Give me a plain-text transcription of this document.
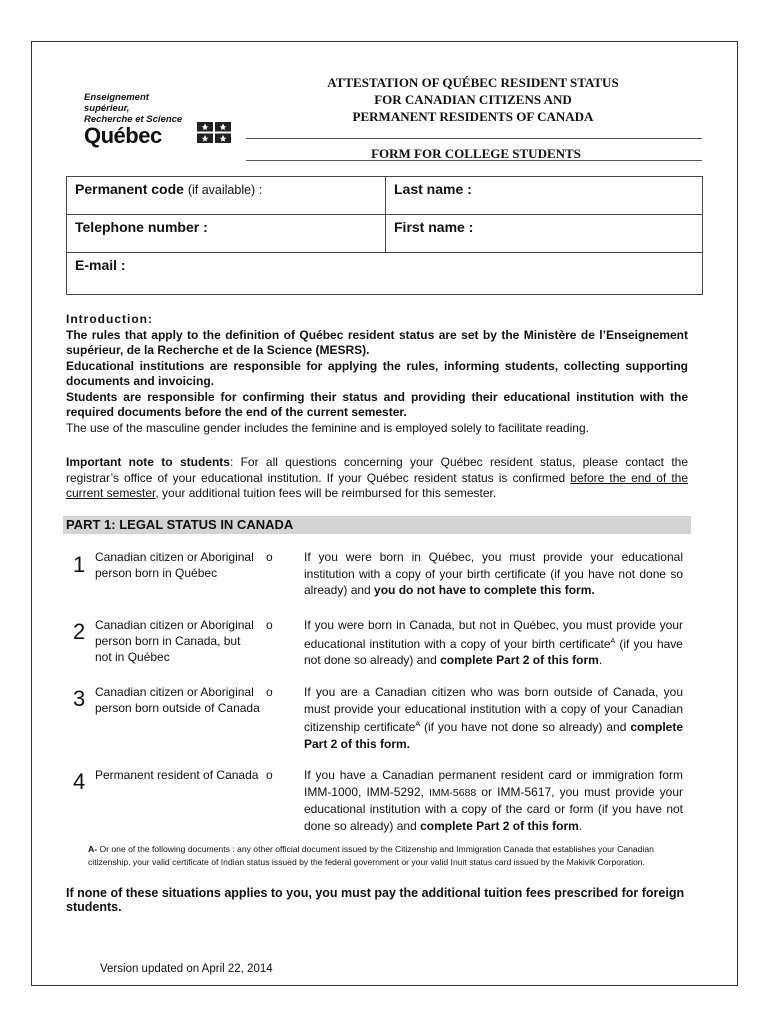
Enseignement
supérieur,
Recherche et Science
Québec
ATTESTATION OF QUÉBEC RESIDENT STATUS
FOR CANADIAN CITIZENS AND
PERMANENT RESIDENTS OF CANADA
FORM FOR COLLEGE STUDENTS
Permanent code (if available) :	Last name :
Telephone number :	First name :
E-mail :	
Introduction:
The rules that apply to the definition of Québec resident status are set by the Ministère de l’Enseignement supérieur, de la Recherche et de la Science (MESRS).
Educational institutions are responsible for applying the rules, informing students, collecting supporting documents and invoicing.
Students are responsible for confirming their status and providing their educational institution with the required documents before the end of the current semester.
The use of the masculine gender includes the feminine and is employed solely to facilitate reading.
Important note to students: For all questions concerning your Québec resident status, please contact the registrar’s office of your educational institution. If your Québec resident status is confirmed before the end of the current semester, your additional tuition fees will be reimbursed for this semester.
PART 1: LEGAL STATUS IN CANADA
1 Canadian citizen or Aboriginal person born in Québec
o	If you were born in Québec, you must provide your educational institution with a copy of your birth certificate (if you have not done so already) and you do not have to complete this form.
2 Canadian citizen or Aboriginal
person born in Canada, but
not in Québec
o	If you were born in Canada, but not in Québec, you must provide your educational institution with a copy of your birth certificate$^A$ (if you have not done so already) and complete Part 2 of this form.
3 Canadian citizen or Aboriginal person born outside of Canada
o	If you are a Canadian citizen who was born outside of Canada, you must provide your educational institution with a copy of your Canadian citizenship certificate$^A$ (if you have not done so already) and complete Part 2 of this form.
4 Permanent resident of Canada o	If you have a Canadian permanent resident card or immigration form IMM-1000, IMM-5292, IMM-5688 or IMM-5617, you must provide your educational institution with a copy of the card or form (if you have not done so already) and complete Part 2 of this form.
A- Or one of the following documents : any other official document issued by the Citizenship and Immigration Canada that establishes your Canadian citizenship, your valid certificate of Indian status issued by the federal government or your valid Inuit status card issued by the Makivik Corporation.
If none of these situations applies to you, you must pay the additional tuition fees prescribed for foreign students.
Version updated on April 22, 2014
